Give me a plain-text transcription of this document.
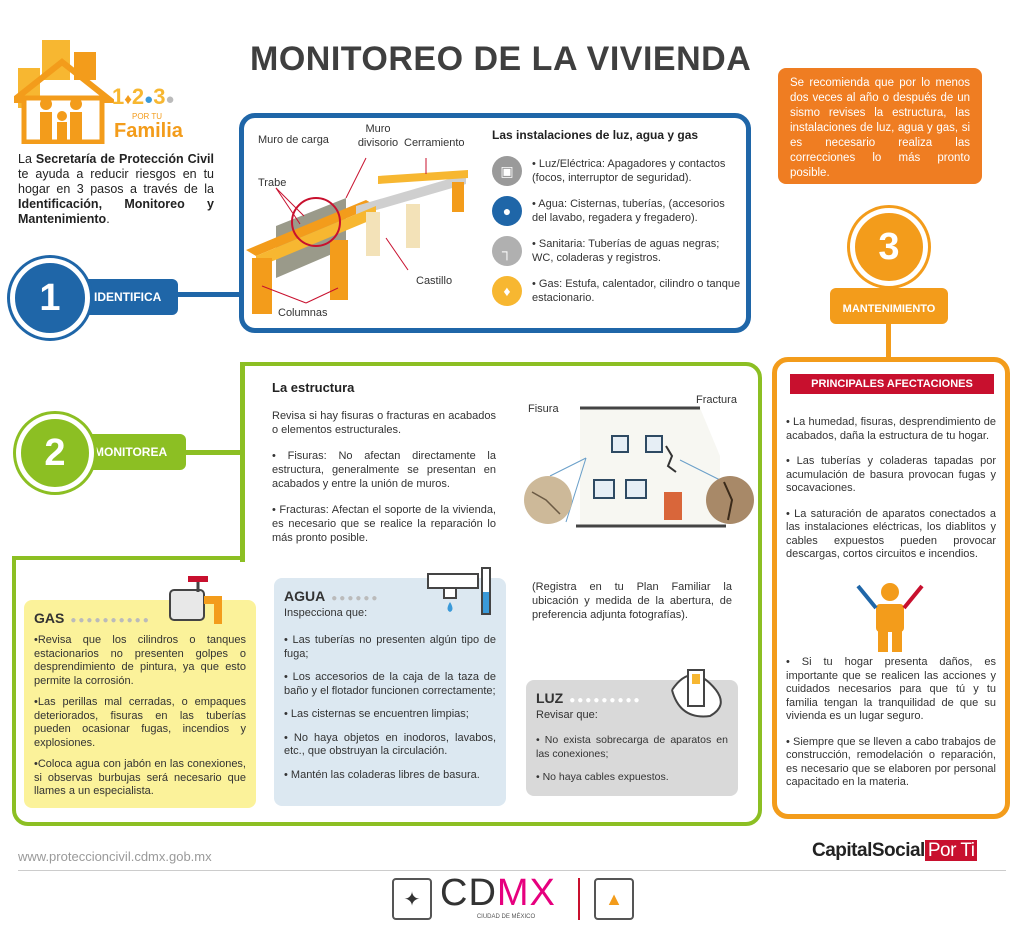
MONITOREO DE LA VIVIENDA
1♦2●3●
POR TU
Familia
La Secretaría de Protección Civil te ayuda a reducir riesgos en tu hogar en 3 pasos a través de la Identificación, Monitoreo y Mantenimiento.
Se recomienda que por lo menos dos veces al año o después de un sismo revises la estructura, las instalaciones de luz, agua y gas, si es necesario realiza las correcciones lo más pronto posible.
IDENTIFICA
1
Muro de carga
Muro
divisorio Cerramiento
Trabe
Castillo
Columnas
Las instalaciones de luz, agua y gas
▣	• Luz/Eléctrica: Apagadores y contactos (focos, interruptor de seguridad).
●	• Agua: Cisternas, tuberías, (accesorios del lavabo, regadera y fregadero).
┐	• Sanitaria: Tuberías de aguas negras; WC, coladeras y registros.
♦	• Gas: Estufa, calentador, cilindro o tanque estacionario.
MANTENIMIENTO
3
MONITOREA
2
La estructura

Revisa si hay fisuras o fracturas en acabados o elementos estructurales.

• Fisuras: No afectan directamente la estructura, generalmente se presentan en acabados y entre la unión de muros.

• Fracturas: Afectan el soporte de la vivienda, es necesario que se realice la reparación lo más pronto posible.

Fisura
Fractura
GAS ●●●●●●●●●●

•Revisa que los cilindros o tanques estacionarios no presenten golpes o desprendimiento de pintura, ya que esto permite la corrosión.

•Las perillas mal cerradas, o empaques deteriorados, fisuras en las tuberías pueden ocasionar fugas, incendios y explosiones.

•Coloca agua con jabón en las conexiones, si observas burbujas será necesario que llames a un especialista.

AGUA ●●●●●●
Inspecciona que:

• Las tuberías no presenten algún tipo de fuga;

• Los accesorios de la caja de la taza de baño y el flotador funcionen correctamente;

• Las cisternas se encuentren limpias;

• No haya objetos en inodoros, lavabos, etc., que obstruyan la circulación.

• Mantén las coladeras libres de basura.

(Registra en tu Plan Familiar la ubicación y medida de la abertura, de preferencia adjunta fotografías).
LUZ ●●●●●●●●●
Revisar que:

• No exista sobrecarga de aparatos en las conexiones;

• No haya cables expuestos.

PRINCIPALES AFECTACIONES

• La humedad, fisuras, desprendimiento de acabados, daña la estructura de tu hogar.

• Las tuberías y coladeras tapadas por acumulación de basura provocan fugas y socavaciones.

• La saturación de aparatos conectados a las instalaciones eléctricas, los diablitos y cables expuestos pueden provocar descargas, cortos circuitos e incendios.

• Si tu hogar presenta daños, es importante que se realicen las acciones y cuidados necesarios para que tú y tu familia tengan la tranquilidad de que su vivienda es un lugar seguro.

• Siempre que se lleven a cabo trabajos de construcción, remodelación o reparación, es necesario que se elaboren por personal capacitado en la materia.

www.proteccioncivil.cdmx.gob.mx	CapitalSocial Por Ti
✦ CDMX
CIUDAD DE MÉXICO
▲
